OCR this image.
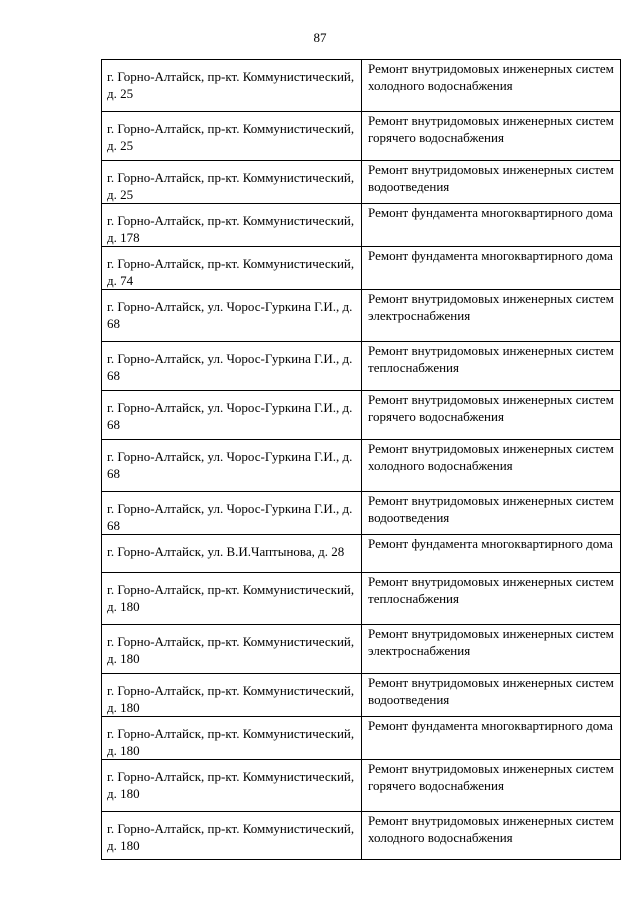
87
г. Горно-Алтайск, пр-кт. Коммунистический, д. 25	Ремонт внутридомовых инженерных систем холодного водоснабжения
г. Горно-Алтайск, пр-кт. Коммунистический, д. 25	Ремонт внутридомовых инженерных систем горячего водоснабжения
г. Горно-Алтайск, пр-кт. Коммунистический, д. 25	Ремонт внутридомовых инженерных систем водоотведения
г. Горно-Алтайск, пр-кт. Коммунистический, д. 178	Ремонт фундамента многоквартирного дома
г. Горно-Алтайск, пр-кт. Коммунистический, д. 74	Ремонт фундамента многоквартирного дома
г. Горно-Алтайск, ул. Чорос-Гуркина Г.И., д. 68	Ремонт внутридомовых инженерных систем электроснабжения
г. Горно-Алтайск, ул. Чорос-Гуркина Г.И., д. 68	Ремонт внутридомовых инженерных систем теплоснабжения
г. Горно-Алтайск, ул. Чорос-Гуркина Г.И., д. 68	Ремонт внутридомовых инженерных систем горячего водоснабжения
г. Горно-Алтайск, ул. Чорос-Гуркина Г.И., д. 68	Ремонт внутридомовых инженерных систем холодного водоснабжения
г. Горно-Алтайск, ул. Чорос-Гуркина Г.И., д. 68	Ремонт внутридомовых инженерных систем водоотведения
г. Горно-Алтайск, ул. В.И.Чаптынова, д. 28	Ремонт фундамента многоквартирного дома
г. Горно-Алтайск, пр-кт. Коммунистический, д. 180	Ремонт внутридомовых инженерных систем теплоснабжения
г. Горно-Алтайск, пр-кт. Коммунистический, д. 180	Ремонт внутридомовых инженерных систем электроснабжения
г. Горно-Алтайск, пр-кт. Коммунистический, д. 180	Ремонт внутридомовых инженерных систем водоотведения
г. Горно-Алтайск, пр-кт. Коммунистический, д. 180	Ремонт фундамента многоквартирного дома
г. Горно-Алтайск, пр-кт. Коммунистический, д. 180	Ремонт внутридомовых инженерных систем горячего водоснабжения
г. Горно-Алтайск, пр-кт. Коммунистический, д. 180	Ремонт внутридомовых инженерных систем холодного водоснабжения
